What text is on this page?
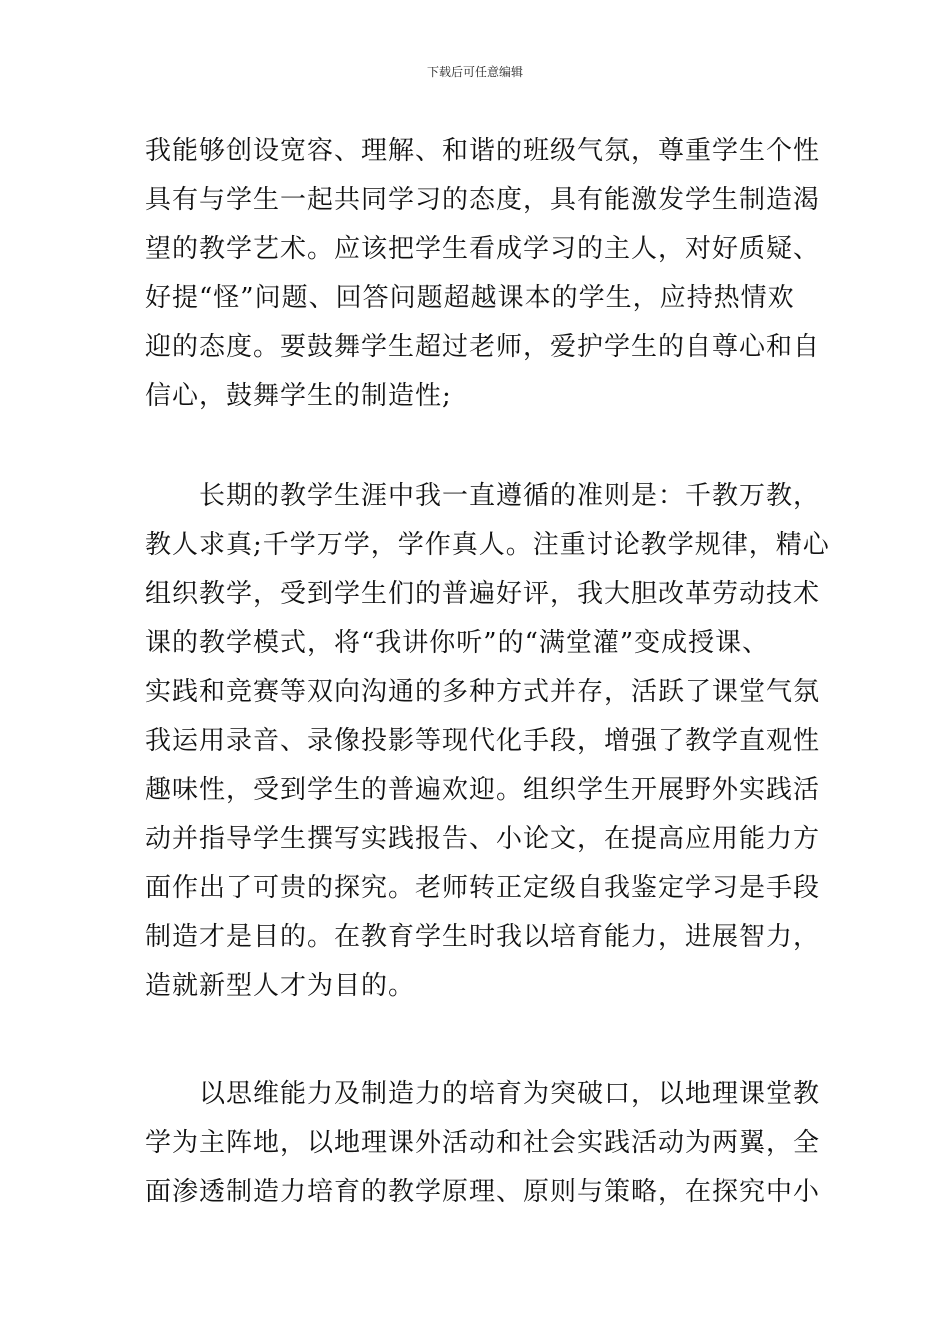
下载后可任意编辑
我能够创设宽容、理解、和谐的班级气氛，尊重学生个性
具有与学生一起共同学习的态度，具有能激发学生制造渴
望的教学艺术。应该把学生看成学习的主人，对好质疑、
好提“怪”问题、回答问题超越课本的学生，应持热情欢
迎的态度。要鼓舞学生超过老师，爱护学生的自尊心和自
信心，鼓舞学生的制造性;
长期的教学生涯中我一直遵循的准则是：千教万教，
教人求真;千学万学，学作真人。注重讨论教学规律，精心
组织教学，受到学生们的普遍好评，我大胆改革劳动技术
课的教学模式，将“我讲你听”的“满堂灌”变成授课、
实践和竞赛等双向沟通的多种方式并存，活跃了课堂气氛
我运用录音、录像投影等现代化手段，增强了教学直观性
趣味性，受到学生的普遍欢迎。组织学生开展野外实践活
动并指导学生撰写实践报告、小论文，在提高应用能力方
面作出了可贵的探究。老师转正定级自我鉴定学习是手段
制造才是目的。在教育学生时我以培育能力，进展智力，
造就新型人才为目的。
以思维能力及制造力的培育为突破口，以地理课堂教
学为主阵地，以地理课外活动和社会实践活动为两翼，全
面渗透制造力培育的教学原理、原则与策略，在探究中小
